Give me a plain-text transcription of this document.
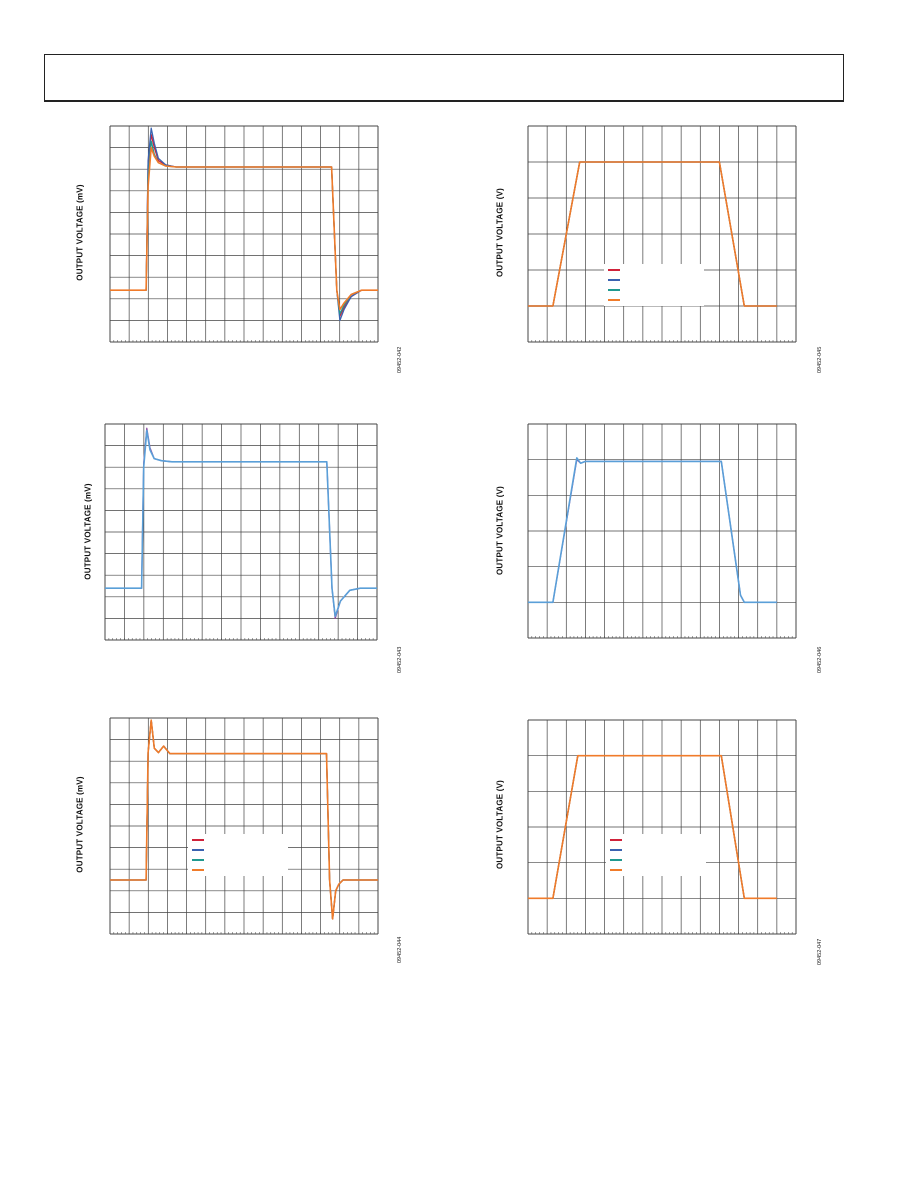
OUTPUT VOLTAGE (mV)
09452-042
OUTPUT VOLTAGE (V)
09452-045
OUTPUT VOLTAGE (mV)
09452-043
OUTPUT VOLTAGE (V)
09452-046
OUTPUT VOLTAGE (mV)
09452-044
OUTPUT VOLTAGE (V)
09452-047
